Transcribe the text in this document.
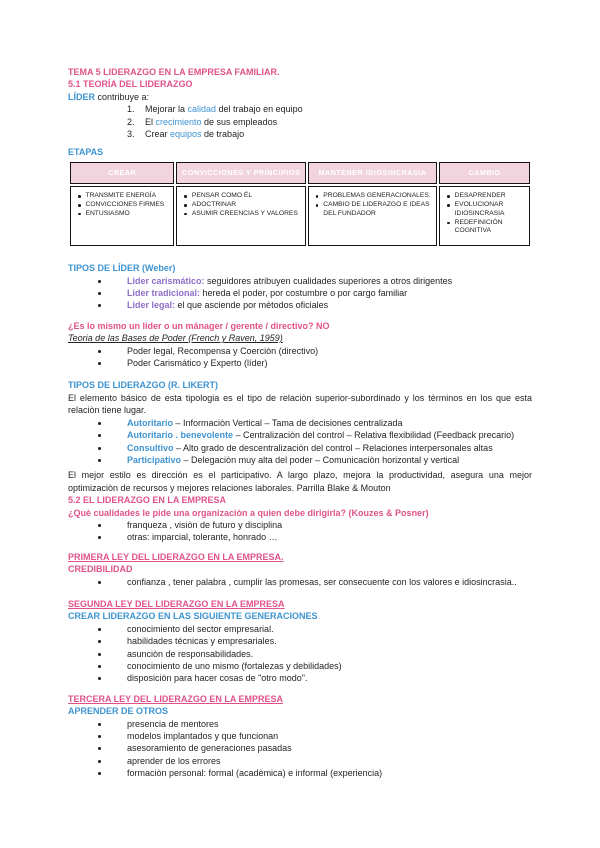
TEMA 5 LIDERAZGO EN LA EMPRESA FAMILIAR.
5.1 TEORÍA DEL LIDERAZGO
LÍDER contribuye a:
1.	Mejorar la calidad del trabajo en equipo
2.	El crecimiento de sus empleados
3.	Crear equipos de trabajo
ETAPAS
CREAR	CONVICCIONES Y PRINCIPIOS	MANTENER IDIOSINCRASIA	CAMBIO

TRANSMITE ENERGÍA
CONVICCIONES FIRMES
ENTUSIASMO

PENSAR COMO ÉL
ADOCTRINAR
ASUMIR CREENCIAS Y VALORES

PROBLEMAS GENERACIONALES.
CAMBIO DE LIDERAZGO E IDEAS DEL FUNDADOR

DESAPRENDER
EVOLUCIONAR IDIOSINCRASIA
REDEFINICIÓN COGNITIVA
TIPOS DE LÍDER (Weber)
Lider carismático: seguidores atribuyen cualidades superiores a otros dirigentes
Lider tradicional: hereda el poder, por costumbre o por cargo familiar
Lider legal: el que asciende por mètodos oficiales
¿Es lo mismo un lider o un mánager / gerente / directivo? NO
Teoria de las Bases de Poder (French y Raven, 1959)
Poder legal, Recompensa y Coerciòn (directivo)
Poder Carismático y Experto (líder)
TIPOS DE LIDERAZGO (R. LIKERT)
El elemento básico de esta tipologia es el tipo de relaciòn superior-subordinado y los tèrminos en los que esta relaciòn tiene lugar.
Autoritario – Informaciòn Vertical – Tama de decisiones centralizada
Autoritario . benevolente – Centralizaciòn del control – Relativa flexibilidad (Feedback precario)
Consultivo – Alto grado de descentralizaciòn del control – Relaciones interpersonales altas
Participativo – Delegaciòn muy alta del poder – Comunicaciòn horizontal y vertical
El mejor estilo es dirección es el participativo. A largo plazo, mejora la productividad, asegura una mejor optimizaciòn de recursos y mejores relaciones laborales. Parrilla Blake & Mouton
5.2 EL LIDERAZGO EN LA EMPRESA
¿Què cualidades le pide una organizaciòn a quien debe dirigirla? (Kouzes & Posner)
franqueza , visiòn de futuro y disciplina
otras: imparcial, tolerante, honrado …
PRIMERA LEY DEL LIDERAZGO EN LA EMPRESA.
CREDIBILIDAD
confianza , tener palabra , cumplir las promesas, ser consecuente con los valores e idiosincrasia..
SEGUNDA LEY DEL LIDERAZGO EN LA EMPRESA
CREAR LIDERAZGO EN LAS SIGUIENTE GENERACIONES
conocimiento del sector empresarial.
habilidades técnicas y empresariales.
asunciòn de responsabilidades.
conocimiento de uno mismo (fortalezas y debilidades)
disposiciòn para hacer cosas de "otro modo".
TERCERA LEY DEL LIDERAZGO EN LA EMPRESA
APRENDER DE OTROS
presencia de mentores
modelos implantados y que funcionan
asesoramiento de generaciones pasadas
aprender de los errores
formaciòn personal: formal (acadèmica) e informal (experiencia)
